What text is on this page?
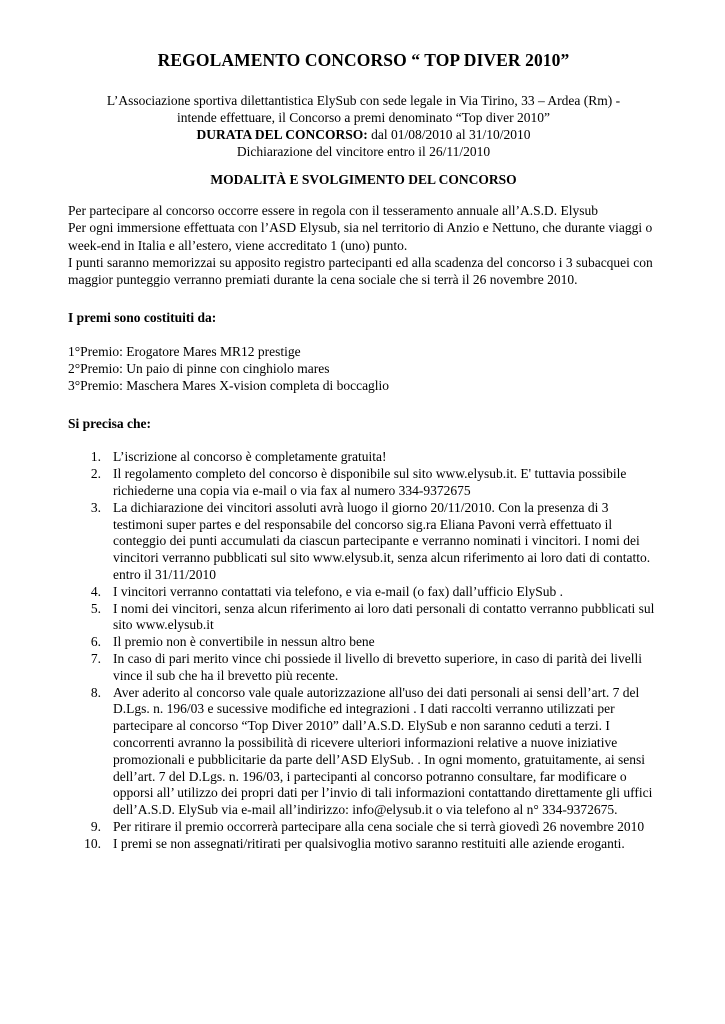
REGOLAMENTO CONCORSO “ TOP DIVER 2010”
L’Associazione sportiva dilettantistica ElySub con sede legale in Via Tirino, 33 – Ardea (Rm) -
intende effettuare, il Concorso a premi denominato “Top diver 2010”
DURATA DEL CONCORSO: dal 01/08/2010 al 31/10/2010
Dichiarazione del vincitore entro il 26/11/2010
MODALITÀ E SVOLGIMENTO DEL CONCORSO

Per partecipare al concorso occorre essere in regola con il tesseramento annuale all’A.S.D. Elysub

Per ogni immersione effettuata con l’ASD Elysub, sia nel territorio di Anzio e Nettuno, che durante viaggi o week-end in Italia e all’estero, viene accreditato 1 (uno) punto.

I punti saranno memorizzai su apposito registro partecipanti ed alla scadenza del concorso i 3 subacquei con maggior punteggio verranno premiati durante la cena sociale che si terrà il 26 novembre 2010.

I premi sono costituiti da:
1°Premio: Erogatore Mares MR12 prestige
2°Premio: Un paio di pinne con cinghiolo mares
3°Premio: Maschera Mares X-vision completa di boccaglio
Si precisa che:
1. L’iscrizione al concorso è completamente gratuita!
2. Il regolamento completo del concorso è disponibile sul sito www.elysub.it. E' tuttavia possibile richiederne una copia via e-mail o via fax al numero 334-9372675
3. La dichiarazione dei vincitori assoluti avrà luogo il giorno 20/11/2010. Con la presenza di 3 testimoni super partes e del responsabile del concorso sig.ra Eliana Pavoni verrà effettuato il conteggio dei punti accumulati da ciascun partecipante e verranno nominati i vincitori. I nomi dei vincitori verranno pubblicati sul sito www.elysub.it, senza alcun riferimento ai loro dati di contatto. entro il 31/11/2010
4. I vincitori verranno contattati via telefono, e via e-mail (o fax) dall’ufficio ElySub .
5. I nomi dei vincitori, senza alcun riferimento ai loro dati personali di contatto verranno pubblicati sul sito www.elysub.it
6. Il premio non è convertibile in nessun altro bene
7. In caso di pari merito vince chi possiede il livello di brevetto superiore, in caso di parità dei livelli vince il sub che ha il brevetto più recente.
8. Aver aderito al concorso vale quale autorizzazione all'uso dei dati personali ai sensi dell’art. 7 del D.Lgs. n. 196/03 e sucessive modifiche ed integrazioni . I dati raccolti verranno utilizzati per partecipare al concorso “Top Diver 2010” dall’A.S.D. ElySub e non saranno ceduti a terzi. I concorrenti avranno la possibilità di ricevere ulteriori informazioni relative a nuove iniziative promozionali e pubblicitarie da parte dell’ASD ElySub. . In ogni momento, gratuitamente, ai sensi dell’art. 7 del D.Lgs. n. 196/03, i partecipanti al concorso potranno consultare, far modificare o opporsi all’ utilizzo dei propri dati per l’invio di tali informazioni contattando direttamente gli uffici dell’A.S.D. ElySub via e-mail all’indirizzo: info@elysub.it o via telefono al n° 334-9372675.
9. Per ritirare il premio occorrerà partecipare alla cena sociale che si terrà giovedì 26 novembre 2010
10. I premi se non assegnati/ritirati per qualsivoglia motivo saranno restituiti alle aziende eroganti.
